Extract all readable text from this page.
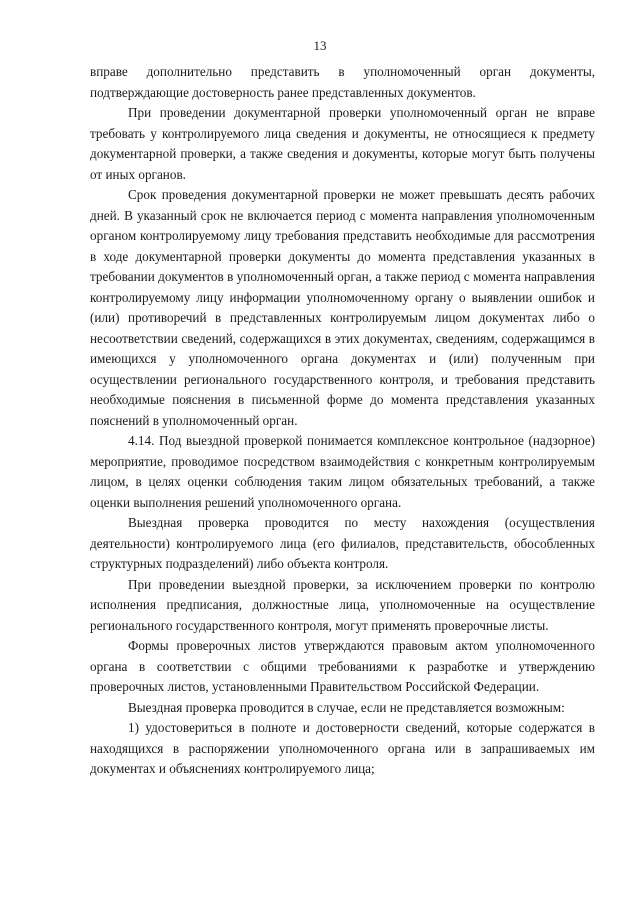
13

вправе дополнительно представить в уполномоченный орган документы, подтверждающие достоверность ранее представленных документов.

При проведении документарной проверки уполномоченный орган не вправе требовать у контролируемого лица сведения и документы, не относящиеся к предмету документарной проверки, а также сведения и документы, которые могут быть получены от иных органов.

Срок проведения документарной проверки не может превышать десять рабочих дней. В указанный срок не включается период с момента направления уполномоченным органом контролируемому лицу требования представить необходимые для рассмотрения в ходе документарной проверки документы до момента представления указанных в требовании документов в уполномоченный орган, а также период с момента направления контролируемому лицу информации уполномоченному органу о выявлении ошибок и (или) противоречий в представленных контролируемым лицом документах либо о несоответствии сведений, содержащихся в этих документах, сведениям, содержащимся в имеющихся у уполномоченного органа документах и (или) полученным при осуществлении регионального государственного контроля, и требования представить необходимые пояснения в письменной форме до момента представления указанных пояснений в уполномоченный орган.

4.14. Под выездной проверкой понимается комплексное контрольное (надзорное) мероприятие, проводимое посредством взаимодействия с конкретным контролируемым лицом, в целях оценки соблюдения таким лицом обязательных требований, а также оценки выполнения решений уполномоченного органа.

Выездная проверка проводится по месту нахождения (осуществления деятельности) контролируемого лица (его филиалов, представительств, обособленных структурных подразделений) либо объекта контроля.

При проведении выездной проверки, за исключением проверки по контролю исполнения предписания, должностные лица, уполномоченные на осуществление регионального государственного контроля, могут применять проверочные листы.

Формы проверочных листов утверждаются правовым актом уполномоченного органа в соответствии с общими требованиями к разработке и утверждению проверочных листов, установленными Правительством Российской Федерации.

Выездная проверка проводится в случае, если не представляется возможным:

1) удостовериться в полноте и достоверности сведений, которые содержатся в находящихся в распоряжении уполномоченного органа или в запрашиваемых им документах и объяснениях контролируемого лица;
